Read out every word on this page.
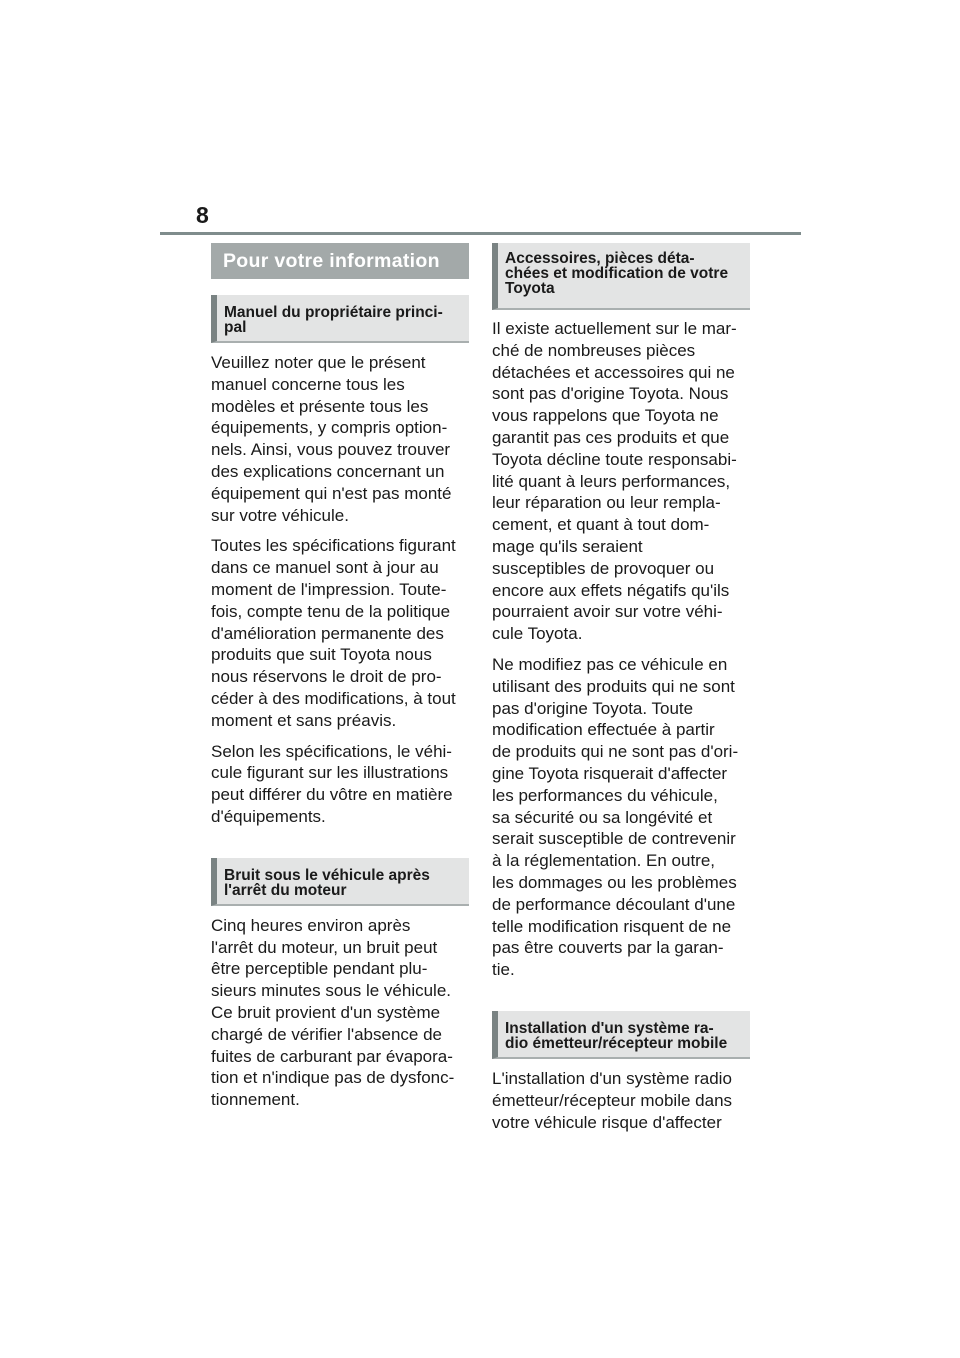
8
Pour votre information
Manuel du propriétaire princi-
pal
Veuillez noter que le présent
manuel concerne tous les
modèles et présente tous les
équipements, y compris option-
nels. Ainsi, vous pouvez trouver
des explications concernant un
équipement qui n'est pas monté
sur votre véhicule.
Toutes les spécifications figurant
dans ce manuel sont à jour au
moment de l'impression. Toute-
fois, compte tenu de la politique
d'amélioration permanente des
produits que suit Toyota nous
nous réservons le droit de pro-
céder à des modifications, à tout
moment et sans préavis.
Selon les spécifications, le véhi-
cule figurant sur les illustrations
peut différer du vôtre en matière
d'équipements.
Bruit sous le véhicule après
l'arrêt du moteur
Cinq heures environ après
l'arrêt du moteur, un bruit peut
être perceptible pendant plu-
sieurs minutes sous le véhicule.
Ce bruit provient d'un système
chargé de vérifier l'absence de
fuites de carburant par évapora-
tion et n'indique pas de dysfonc-
tionnement.
Accessoires, pièces déta-
chées et modification de votre
Toyota
Il existe actuellement sur le mar-
ché de nombreuses pièces
détachées et accessoires qui ne
sont pas d'origine Toyota. Nous
vous rappelons que Toyota ne
garantit pas ces produits et que
Toyota décline toute responsabi-
lité quant à leurs performances,
leur réparation ou leur rempla-
cement, et quant à tout dom-
mage qu'ils seraient
susceptibles de provoquer ou
encore aux effets négatifs qu'ils
pourraient avoir sur votre véhi-
cule Toyota.
Ne modifiez pas ce véhicule en
utilisant des produits qui ne sont
pas d'origine Toyota. Toute
modification effectuée à partir
de produits qui ne sont pas d'ori-
gine Toyota risquerait d'affecter
les performances du véhicule,
sa sécurité ou sa longévité et
serait susceptible de contrevenir
à la réglementation. En outre,
les dommages ou les problèmes
de performance découlant d'une
telle modification risquent de ne
pas être couverts par la garan-
tie.
Installation d'un système ra-
dio émetteur/récepteur mobile
L'installation d'un système radio
émetteur/récepteur mobile dans
votre véhicule risque d'affecter
